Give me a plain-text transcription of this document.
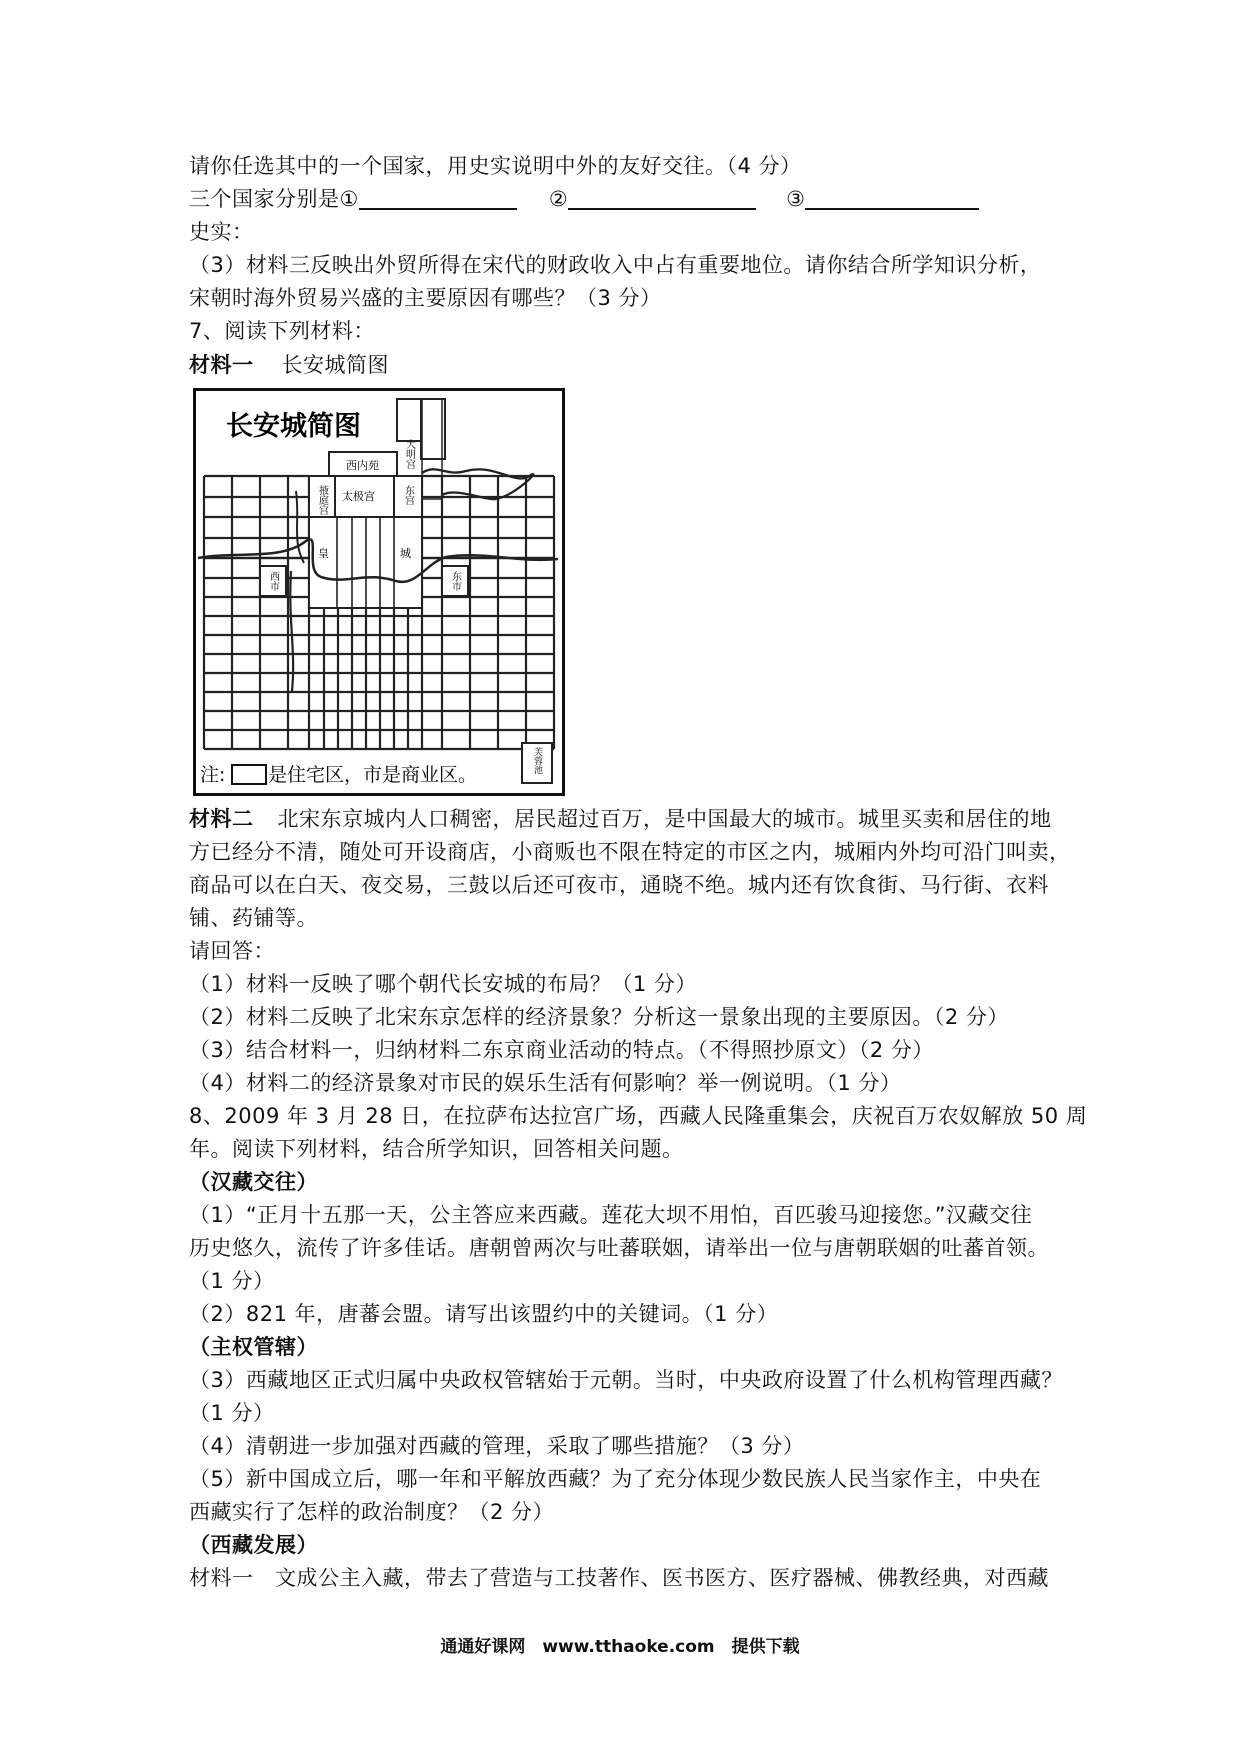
请你任选其中的一个国家，用史实说明中外的友好交往。（4 分）
三个国家分别是①	②	③
史实：
（3）材料三反映出外贸所得在宋代的财政收入中占有重要地位。请你结合所学知识分析，
宋朝时海外贸易兴盛的主要原因有哪些？（3 分）
7、阅读下列材料：
材料一 长安城简图
长安城简图
大明宫
西内苑
掖庭宫 太极宫	东宫
皇	城
西市	东市
芙蓉池
注: 是住宅区，市是商业区。
材料二 北宋东京城内人口稠密，居民超过百万，是中国最大的城市。城里买卖和居住的地
方已经分不清，随处可开设商店，小商贩也不限在特定的市区之内，城厢内外均可沿门叫卖，
商品可以在白天、夜交易，三鼓以后还可夜市，通晓不绝。城内还有饮食街、马行街、衣料
铺、药铺等。
请回答：
（1）材料一反映了哪个朝代长安城的布局？（1 分）
（2）材料二反映了北宋东京怎样的经济景象？分析这一景象出现的主要原因。（2 分）
（3）结合材料一，归纳材料二东京商业活动的特点。（不得照抄原文）（2 分）
（4）材料二的经济景象对市民的娱乐生活有何影响？举一例说明。（1 分）
8、2009 年 3 月 28 日，在拉萨布达拉宫广场，西藏人民隆重集会，庆祝百万农奴解放 50 周
年。阅读下列材料，结合所学知识，回答相关问题。
（汉藏交往）
（1）“正月十五那一天，公主答应来西藏。莲花大坝不用怕，百匹骏马迎接您。”汉藏交往
历史悠久，流传了许多佳话。唐朝曾两次与吐蕃联姻，请举出一位与唐朝联姻的吐蕃首领。
（1 分）
（2）821 年，唐蕃会盟。请写出该盟约中的关键词。（1 分）
（主权管辖）
（3）西藏地区正式归属中央政权管辖始于元朝。当时，中央政府设置了什么机构管理西藏？
（1 分）
（4）清朝进一步加强对西藏的管理，采取了哪些措施？（3 分）
（5）新中国成立后，哪一年和平解放西藏？为了充分体现少数民族人民当家作主，中央在
西藏实行了怎样的政治制度？（2 分）
（西藏发展）
材料一　文成公主入藏，带去了营造与工技著作、医书医方、医疗器械、佛教经典，对西藏
通通好课网　www.tthaoke.com　提供下载
